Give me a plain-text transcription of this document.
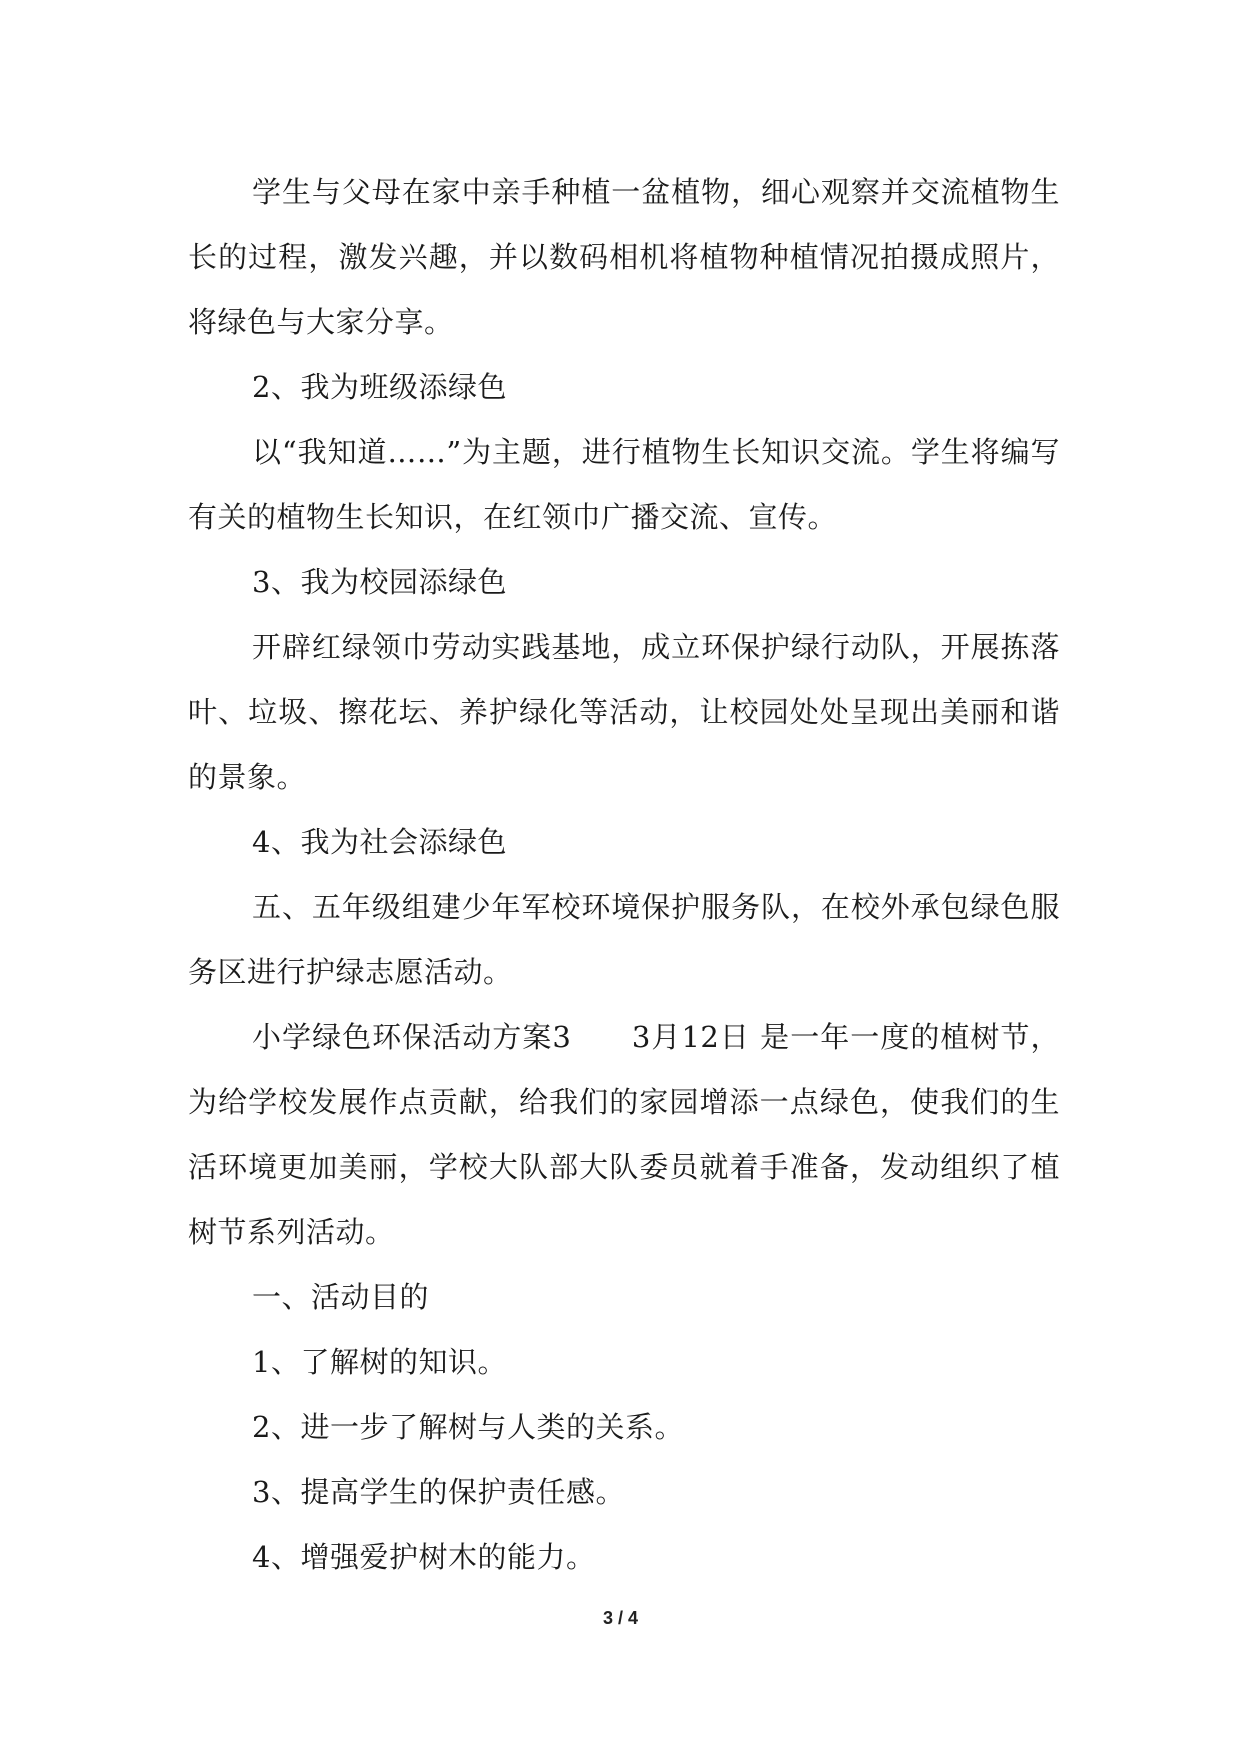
学生与父母在家中亲手种植一盆植物，细心观察并交流植物生长的过程，激发兴趣，并以数码相机将植物种植情况拍摄成照片，将绿色与大家分享。

2、我为班级添绿色

以“我知道……”为主题，进行植物生长知识交流。学生将编写有关的植物生长知识，在红领巾广播交流、宣传。

3、我为校园添绿色

开辟红绿领巾劳动实践基地，成立环保护绿行动队，开展拣落叶、垃圾、擦花坛、养护绿化等活动，让校园处处呈现出美丽和谐的景象。

4、我为社会添绿色

五、五年级组建少年军校环境保护服务队，在校外承包绿色服务区进行护绿志愿活动。

小学绿色环保活动方案3　　3月12日 是一年一度的植树节，为给学校发展作点贡献，给我们的家园增添一点绿色，使我们的生活环境更加美丽，学校大队部大队委员就着手准备，发动组织了植树节系列活动。

一、活动目的

1、了解树的知识。

2、进一步了解树与人类的关系。

3、提高学生的保护责任感。

4、增强爱护树木的能力。

3 / 4
